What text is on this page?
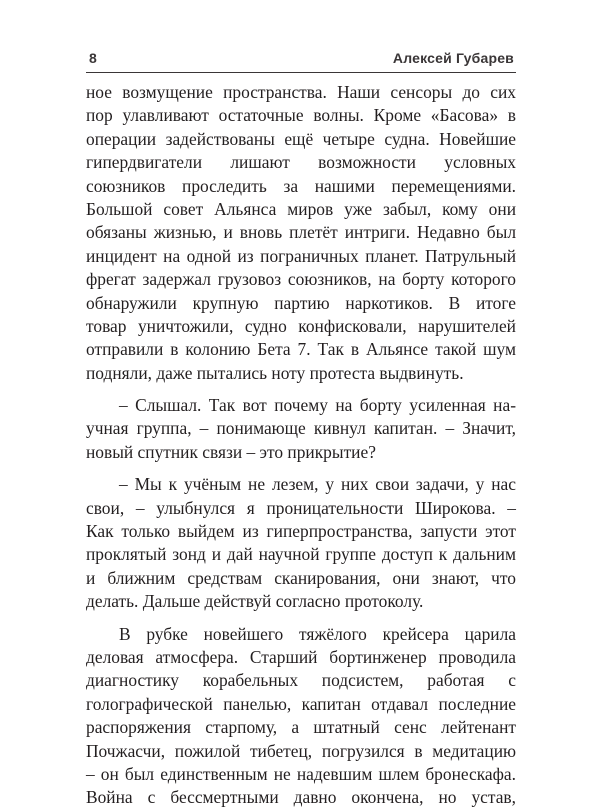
8	Алексей Губарев
ное возмущение пространства. Наши сенсоры до сих
пор улавливают остаточные волны. Кроме «Басова» в
операции задействованы ещё четыре судна. Новейшие
гипердвигатели лишают возможности условных
союзников проследить за нашими перемещениями.
Большой совет Альянса миров уже забыл, кому они
обязаны жизнью, и вновь плетёт интриги. Недавно был
инцидент на одной из пограничных планет. Патрульный
фрегат задержал грузовоз союзников, на борту которого
обнаружили крупную партию наркотиков. В итоге
товар уничтожили, судно конфисковали, нарушителей
отправили в колонию Бета 7. Так в Альянсе такой шум
подняли, даже пытались ноту протеста выдвинуть.
– Слышал. Так вот почему на борту усиленная на-
учная группа, – понимающе кивнул капитан. – Значит,
новый спутник связи – это прикрытие?
– Мы к учёным не лезем, у них свои задачи, у нас
свои, – улыбнулся я проницательности Широкова. –
Как только выйдем из гиперпространства, запусти этот
проклятый зонд и дай научной группе доступ к дальним
и ближним средствам сканирования, они знают, что
делать. Дальше действуй согласно протоколу.
В рубке новейшего тяжёлого крейсера царила
деловая атмосфера. Старший бортинженер проводила
диагностику корабельных подсистем, работая с
голографической панелью, капитан отдавал последние
распоряжения старпому, а штатный сенс лейтенант
Почжасчи, пожилой тибетец, погрузился в медитацию
– он был единственным не надевшим шлем бронескафа.
Война с бессмертными давно окончена, но устав,
